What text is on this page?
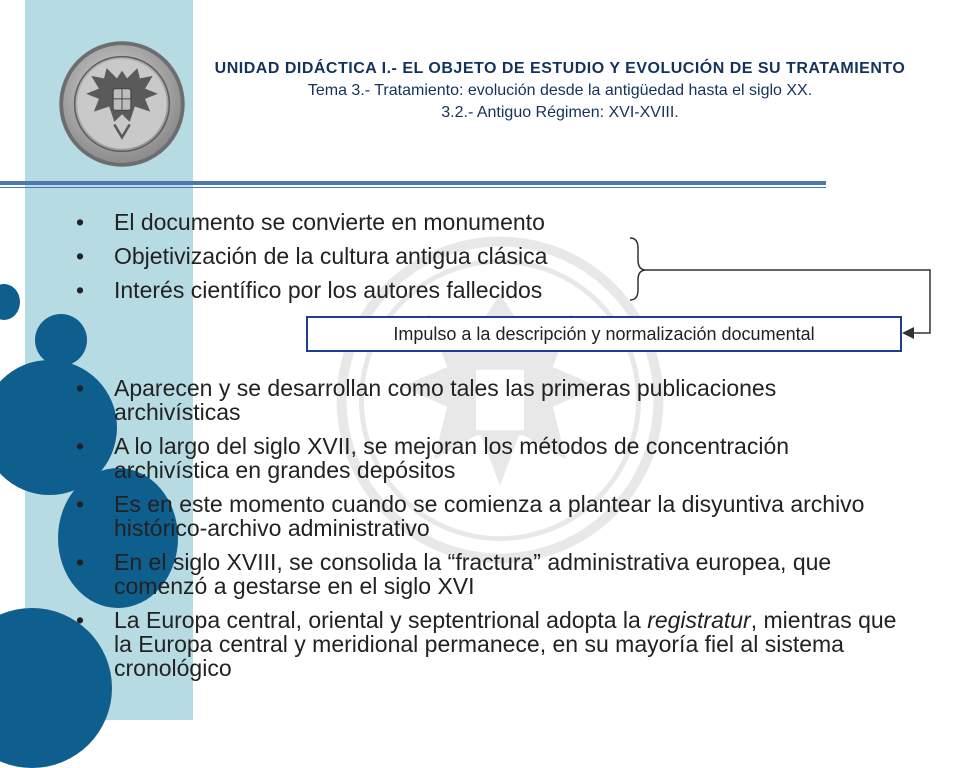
UNIDAD DIDÁCTICA I.- EL OBJETO DE ESTUDIO Y EVOLUCIÓN DE SU TRATAMIENTO

Tema 3.- Tratamiento: evolución desde la antigüedad hasta el siglo XX.

3.2.- Antiguo Régimen: XVI-XVIII.

•	El documento se convierte en monumento
•	Objetivización de la cultura antigua clásica
•	Interés científico por los autores fallecidos
Impulso a la descripción y normalización documental
•	Aparecen y se desarrollan como tales las primeras publicaciones archivísticas
•	A lo largo del siglo XVII, se mejoran los métodos de concentración archivística en grandes depósitos
•	Es en este momento cuando se comienza a plantear la disyuntiva archivo histórico-archivo administrativo
•	En el siglo XVIII, se consolida la “fractura” administrativa europea, que comenzó a gestarse en el siglo XVI
•	La Europa central, oriental y septentrional adopta la registratur, mientras que la Europa central y meridional permanece, en su mayoría fiel al sistema cronológico
